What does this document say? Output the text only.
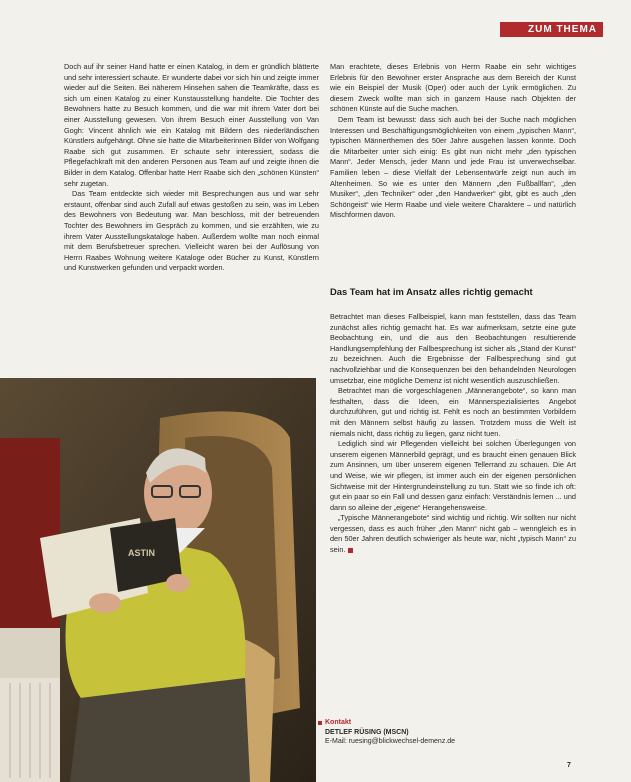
ZUM THEMA

Doch auf ihr seiner Hand hatte er einen Katalog, in dem er gründlich blätterte und sehr interessiert schaute. Er wunderte dabei vor sich hin und zeigte immer wieder auf die Seiten. Bei näherem Hinsehen sahen die Teamkräfte, dass es sich um einen Katalog zu einer Kunstausstellung handelte. Die Tochter des Bewohners hatte zu Besuch kommen, und die war mit ihrem Vater dort bei einer Ausstellung gewesen. Von ihrem Besuch einer Ausstellung von Van Gogh: Vincent ähnlich wie ein Katalog mit Bildern des niederländischen Künstlers aufgehängt. Ohne sie hatte die Mitarbeiterinnen Bilder von Wolfgang Raabe sich gut zusammen. Er schaute sehr interessiert, sodass die Pflegefachkraft mit den anderen Personen aus Team auf und zeigte ihnen die Bilder in dem Katalog. Offenbar hatte Herr Raabe sich den „schönen Künsten“ sehr zugetan.

Das Team entdeckte sich wieder mit Besprechungen aus und war sehr erstaunt, offenbar sind auch Zufall auf etwas gestoßen zu sein, was im Leben des Bewohners von Bedeutung war. Man beschloss, mit der betreuenden Tochter des Bewohners im Gespräch zu kommen, und sie erzählten, wie zu ihrem Vater Ausstellungskataloge haben. Außerdem wollte man noch einmal mit dem Berufsbetreuer sprechen. Vielleicht waren bei der Auflösung von Herrn Raabes Wohnung weitere Kataloge oder Bücher zu Kunst, Künstlern und Kunstwerken gefunden und verpackt worden.

Man erachtete, dieses Erlebnis von Herrn Raabe ein sehr wichtiges Erlebnis für den Bewohner erster Ansprache aus dem Bereich der Kunst wie ein Beispiel der Musik (Oper) oder auch der Lyrik ermöglichen. Zu diesem Zweck wollte man sich in ganzem Hause nach Objekten der schönen Künste auf die Suche machen.

Dem Team ist bewusst: dass sich auch bei der Suche nach möglichen Interessen und Beschäftigungsmöglichkeiten von einem „typischen Mann“, typischen Männerthemen des 50er Jahre ausgehen lassen konnte. Doch die Mitarbeiter unter sich einig: Es gibt nun nicht mehr „den typischen Mann“. Jeder Mensch, jeder Mann und jede Frau ist unverwechselbar. Familien leben – diese Vielfalt der Lebensentwürfe zeigt nun auch im Altenheimen. So wie es unter den Männern „den Fußballfan“, „den Musiker“, „den Techniker“ oder „den Handwerker“ gibt, gibt es auch „den Schöngeist“ wie Herrn Raabe und viele weitere Charaktere – und natürlich Mischformen davon.

Das Team hat im Ansatz alles richtig gemacht

Betrachtet man dieses Fallbeispiel, kann man feststellen, dass das Team zunächst alles richtig gemacht hat. Es war aufmerksam, setzte eine gute Beobachtung ein, und die aus den Beobachtungen resultierende Handlungsempfehlung der Fallbesprechung ist sicher als „Stand der Kunst“ zu bezeichnen. Auch die Ergebnisse der Fallbesprechung sind gut nachvollziehbar und die Konsequenzen bei den behandelnden Neurologen umsetzbar, eine mögliche Demenz ist nicht wesentlich auszuschließen.

Betrachtet man die vorgeschlagenen „Männerangebote“, so kann man festhalten, dass die Ideen, ein Männerspezialisiertes Angebot durchzuführen, gut und richtig ist. Fehlt es noch an bestimmten Vorbildern mit den Männern selbst häufig zu lassen. Trotzdem muss die Welt ist niemals nicht, dass richtig zu liegen, ganz nicht tuen.

Lediglich sind wir Pflegenden vielleicht bei solchen Überlegungen von unserem eigenen Männerbild geprägt, und es braucht einen genauen Blick zum Ansinnen, um über unserem eigenen Tellerrand zu schauen. Die Art und Weise, wie wir pflegen, ist immer auch ein der eigenen persönlichen Sichtweise mit der Hintergrundeinstellung zu tun. Statt wie so finde ich oft: gut ein paar so ein Fall und dessen ganz einfach: Verständnis lernen ... und dann so alleine der „eigene“ Herangehensweise.

„Typische Männerangebote“ sind wichtig und richtig. Wir sollten nur nicht vergessen, dass es auch früher „den Mann“ nicht gab – wenngleich es in den 50er Jahren deutlich schwieriger als heute war, nicht „typisch Mann“ zu sein.

ASTIN
Kontakt
DETLEF RÜSING (MSCN)
E-Mail: ruesing@blickwechsel-demenz.de
7
